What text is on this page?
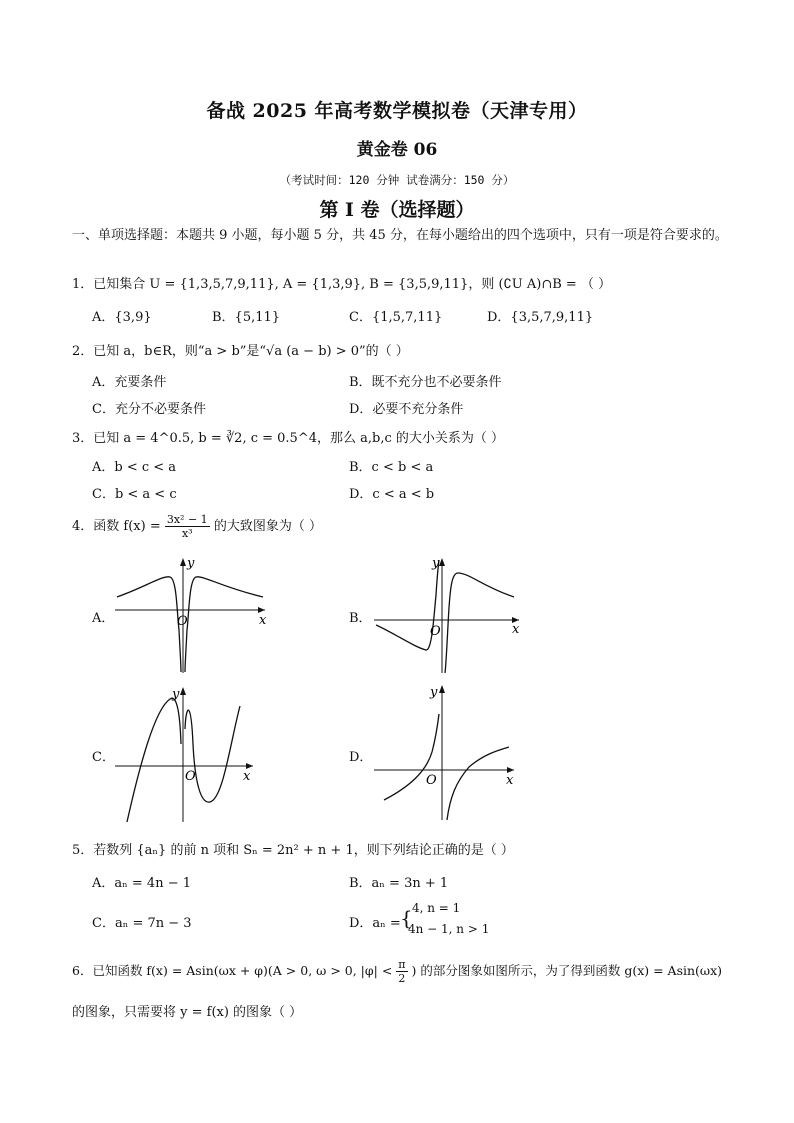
备战 2025 年高考数学模拟卷（天津专用）
黄金卷 06
（考试时间：120 分钟 试卷满分：150 分）
第 I 卷（选择题）
一、单项选择题：本题共 9 小题，每小题 5 分，共 45 分，在每小题给出的四个选项中，只有一项是符合要求的。
1．已知集合 U = {1,3,5,7,9,11}, A = {1,3,9}, B = {3,5,9,11}，则 (∁U A)∩B = （ ）
A．{3,9}	B．{5,11}	C．{1,5,7,11}	D．{3,5,7,9,11}
2．已知 a，b∈R，则“a > b”是“√a (a − b) > 0”的（ ）
A．充要条件	B．既不充分也不必要条件
C．充分不必要条件	D．必要不充分条件
3．已知 a = 4^0.5, b = ∛2, c = 0.5^4，那么 a,b,c 的大小关系为（ ）
A．b < c < a	B．c < b < a
C．b < a < c	D．c < a < b
4．函数 $f(x) = \frac{\text{3x² − 1}}{\text{x³}}$ 的大致图象为（ ）
A．	B．
C．	D．
O	x
y
O	x
y
O	x
y
O	x
y
5．若数列 {aₙ} 的前 n 项和 Sₙ = 2n² + n + 1，则下列结论正确的是（ ）
A．aₙ = 4n − 1	B．aₙ = 3n + 1
C．aₙ = 7n − 3	D．aₙ = { 4, n = 1
4n − 1, n > 1
6．已知函数 f(x) = Asin(ωx + φ)(A > 0, ω > 0, $|\varphi| < \frac{\pi}{2}$ ) 的部分图象如图所示，为了得到函数 g(x) = Asin(ωx)
的图象，只需要将 y = f(x) 的图象（ ）
